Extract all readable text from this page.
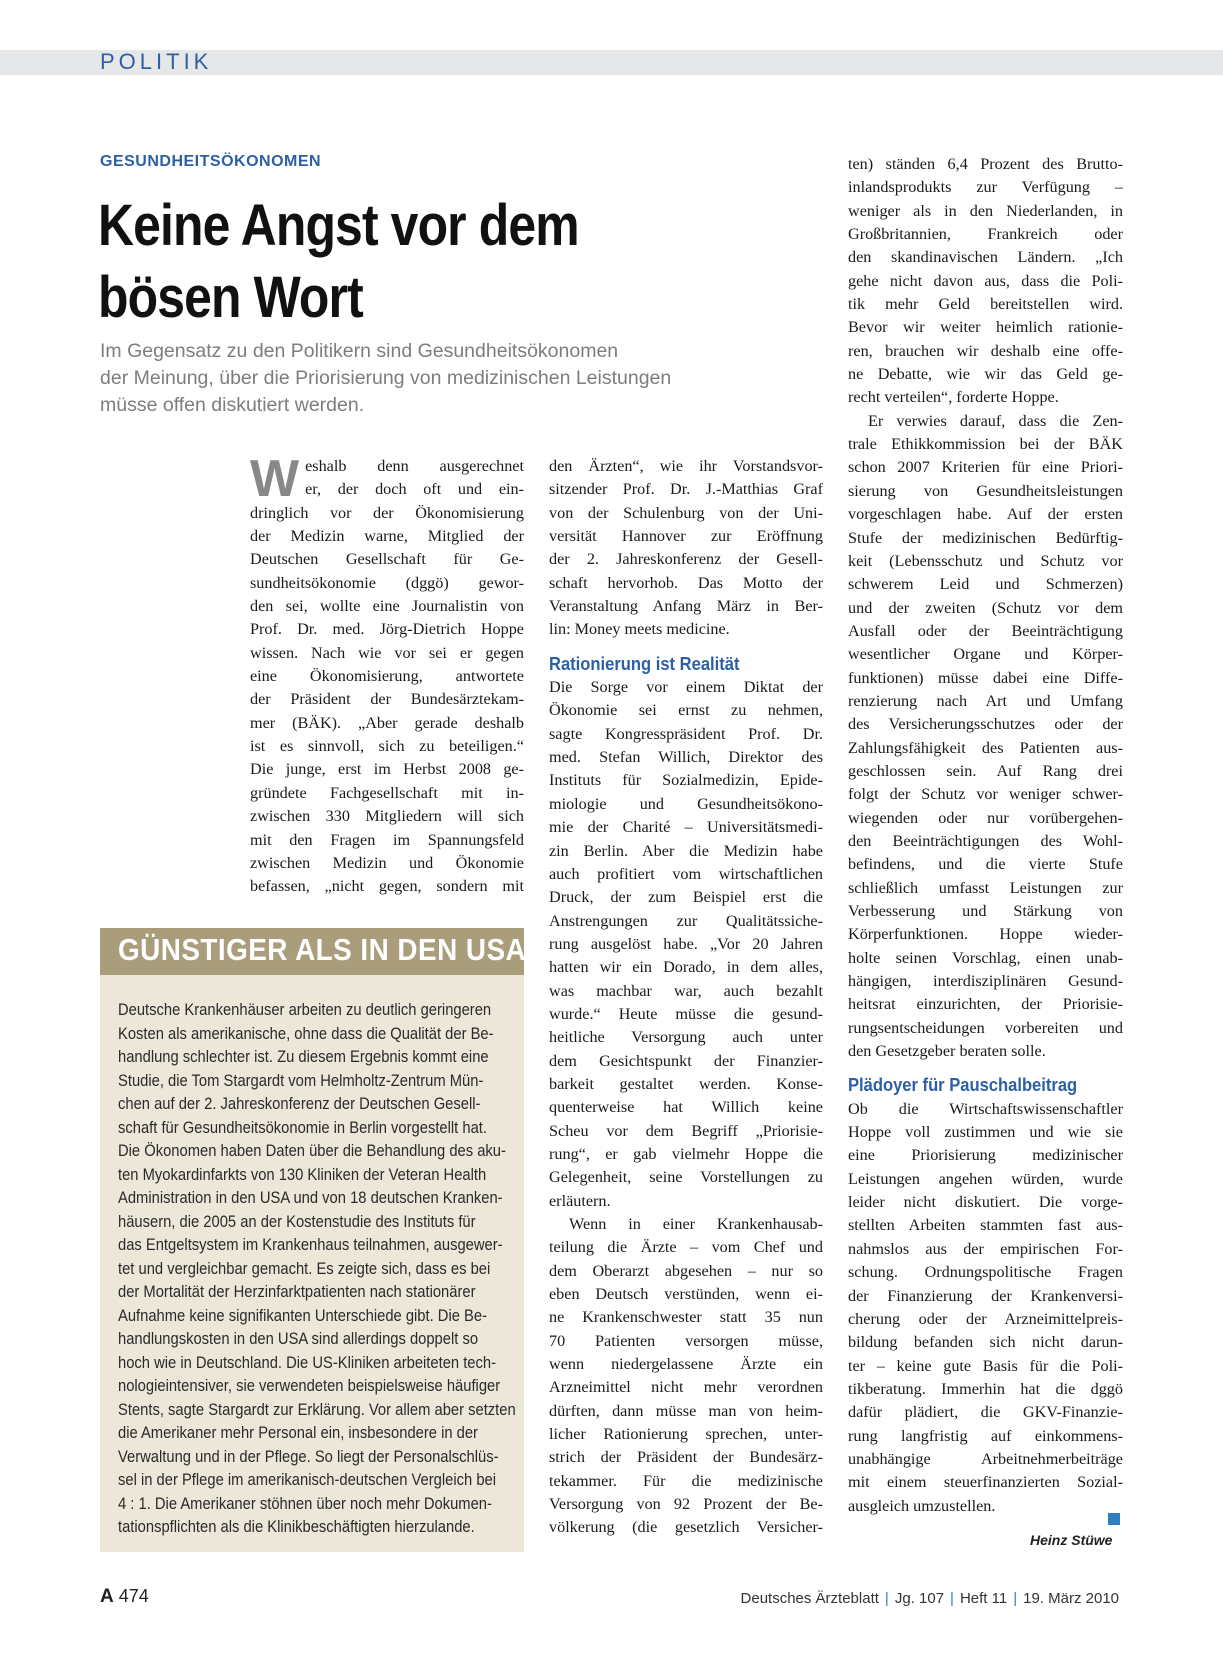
POLITIK
GESUNDHEITSÖKONOMEN
Keine Angst vor dem
bösen Wort
Im Gegensatz zu den Politikern sind Gesundheitsökonomen
der Meinung, über die Priorisierung von medizinischen Leistungen
müsse offen diskutiert werden.
W eshalb denn ausgerechnet
er, der doch oft und ein-
dringlich vor der Ökonomisierung
der Medizin warne, Mitglied der
Deutschen Gesellschaft für Ge-
sundheitsökonomie (dggö) gewor-
den sei, wollte eine Journalistin von
Prof. Dr. med. Jörg-Dietrich Hoppe
wissen. Nach wie vor sei er gegen
eine Ökonomisierung, antwortete
der Präsident der Bundesärztekam-
mer (BÄK). „Aber gerade deshalb
ist es sinnvoll, sich zu beteiligen.“
Die junge, erst im Herbst 2008 ge-
gründete Fachgesellschaft mit in-
zwischen 330 Mitgliedern will sich
mit den Fragen im Spannungsfeld
zwischen Medizin und Ökonomie
befassen, „nicht gegen, sondern mit
den Ärzten“, wie ihr Vorstandsvor-
sitzender Prof. Dr. J.-Matthias Graf
von der Schulenburg von der Uni-
versität Hannover zur Eröffnung
der 2. Jahreskonferenz der Gesell-
schaft hervorhob. Das Motto der
Veranstaltung Anfang März in Ber-
lin: Money meets medicine.
Rationierung ist Realität
Die Sorge vor einem Diktat der
Ökonomie sei ernst zu nehmen,
sagte Kongresspräsident Prof. Dr.
med. Stefan Willich, Direktor des
Instituts für Sozialmedizin, Epide-
miologie und Gesundheitsökono-
mie der Charité – Universitätsmedi-
zin Berlin. Aber die Medizin habe
auch profitiert vom wirtschaftlichen
Druck, der zum Beispiel erst die
Anstrengungen zur Qualitätssiche-
rung ausgelöst habe. „Vor 20 Jahren
hatten wir ein Dorado, in dem alles,
was machbar war, auch bezahlt
wurde.“ Heute müsse die gesund-
heitliche Versorgung auch unter
dem Gesichtspunkt der Finanzier-
barkeit gestaltet werden. Konse-
quenterweise hat Willich keine
Scheu vor dem Begriff „Priorisie-
rung“, er gab vielmehr Hoppe die
Gelegenheit, seine Vorstellungen zu
erläutern.
Wenn in einer Krankenhausab-
teilung die Ärzte – vom Chef und
dem Oberarzt abgesehen – nur so
eben Deutsch verstünden, wenn ei-
ne Krankenschwester statt 35 nun
70 Patienten versorgen müsse,
wenn niedergelassene Ärzte ein
Arzneimittel nicht mehr verordnen
dürften, dann müsse man von heim-
licher Rationierung sprechen, unter-
strich der Präsident der Bundesärz-
tekammer. Für die medizinische
Versorgung von 92 Prozent der Be-
völkerung (die gesetzlich Versicher-
ten) ständen 6,4 Prozent des Brutto-
inlandsprodukts zur Verfügung –
weniger als in den Niederlanden, in
Großbritannien, Frankreich oder
den skandinavischen Ländern. „Ich
gehe nicht davon aus, dass die Poli-
tik mehr Geld bereitstellen wird.
Bevor wir weiter heimlich rationie-
ren, brauchen wir deshalb eine offe-
ne Debatte, wie wir das Geld ge-
recht verteilen“, forderte Hoppe.
Er verwies darauf, dass die Zen-
trale Ethikkommission bei der BÄK
schon 2007 Kriterien für eine Priori-
sierung von Gesundheitsleistungen
vorgeschlagen habe. Auf der ersten
Stufe der medizinischen Bedürftig-
keit (Lebensschutz und Schutz vor
schwerem Leid und Schmerzen)
und der zweiten (Schutz vor dem
Ausfall oder der Beeinträchtigung
wesentlicher Organe und Körper-
funktionen) müsse dabei eine Diffe-
renzierung nach Art und Umfang
des Versicherungsschutzes oder der
Zahlungsfähigkeit des Patienten aus-
geschlossen sein. Auf Rang drei
folgt der Schutz vor weniger schwer-
wiegenden oder nur vorübergehen-
den Beeinträchtigungen des Wohl-
befindens, und die vierte Stufe
schließlich umfasst Leistungen zur
Verbesserung und Stärkung von
Körperfunktionen. Hoppe wieder-
holte seinen Vorschlag, einen unab-
hängigen, interdisziplinären Gesund-
heitsrat einzurichten, der Priorisie-
rungsentscheidungen vorbereiten und
den Gesetzgeber beraten solle.
Plädoyer für Pauschalbeitrag
Ob die Wirtschaftswissenschaftler
Hoppe voll zustimmen und wie sie
eine Priorisierung medizinischer
Leistungen angehen würden, wurde
leider nicht diskutiert. Die vorge-
stellten Arbeiten stammten fast aus-
nahmslos aus der empirischen For-
schung. Ordnungspolitische Fragen
der Finanzierung der Krankenversi-
cherung oder der Arzneimittelpreis-
bildung befanden sich nicht darun-
ter – keine gute Basis für die Poli-
tikberatung. Immerhin hat die dggö
dafür plädiert, die GKV-Finanzie-
rung langfristig auf einkommens-
unabhängige Arbeitnehmerbeiträge
mit einem steuerfinanzierten Sozial-
ausgleich umzustellen.
GÜNSTIGER ALS IN DEN USA
Deutsche Krankenhäuser arbeiten zu deutlich geringeren
Kosten als amerikanische, ohne dass die Qualität der Be-
handlung schlechter ist. Zu diesem Ergebnis kommt eine
Studie, die Tom Stargardt vom Helmholtz-Zentrum Mün-
chen auf der 2. Jahreskonferenz der Deutschen Gesell-
schaft für Gesundheitsökonomie in Berlin vorgestellt hat.
Die Ökonomen haben Daten über die Behandlung des aku-
ten Myokardinfarkts von 130 Kliniken der Veteran Health
Administration in den USA und von 18 deutschen Kranken-
häusern, die 2005 an der Kostenstudie des Instituts für
das Entgeltsystem im Krankenhaus teilnahmen, ausgewer-
tet und vergleichbar gemacht. Es zeigte sich, dass es bei
der Mortalität der Herzinfarktpatienten nach stationärer
Aufnahme keine signifikanten Unterschiede gibt. Die Be-
handlungskosten in den USA sind allerdings doppelt so
hoch wie in Deutschland. Die US-Kliniken arbeiteten tech-
nologieintensiver, sie verwendeten beispielsweise häufiger
Stents, sagte Stargardt zur Erklärung. Vor allem aber setzten
die Amerikaner mehr Personal ein, insbesondere in der
Verwaltung und in der Pflege. So liegt der Personalschlüs-
sel in der Pflege im amerikanisch-deutschen Vergleich bei
4 : 1. Die Amerikaner stöhnen über noch mehr Dokumen-
tationspflichten als die Klinikbeschäftigten hierzulande.
Heinz Stüwe
A 474	Deutsches Ärzteblatt | Jg. 107 | Heft 11 | 19. März 2010
